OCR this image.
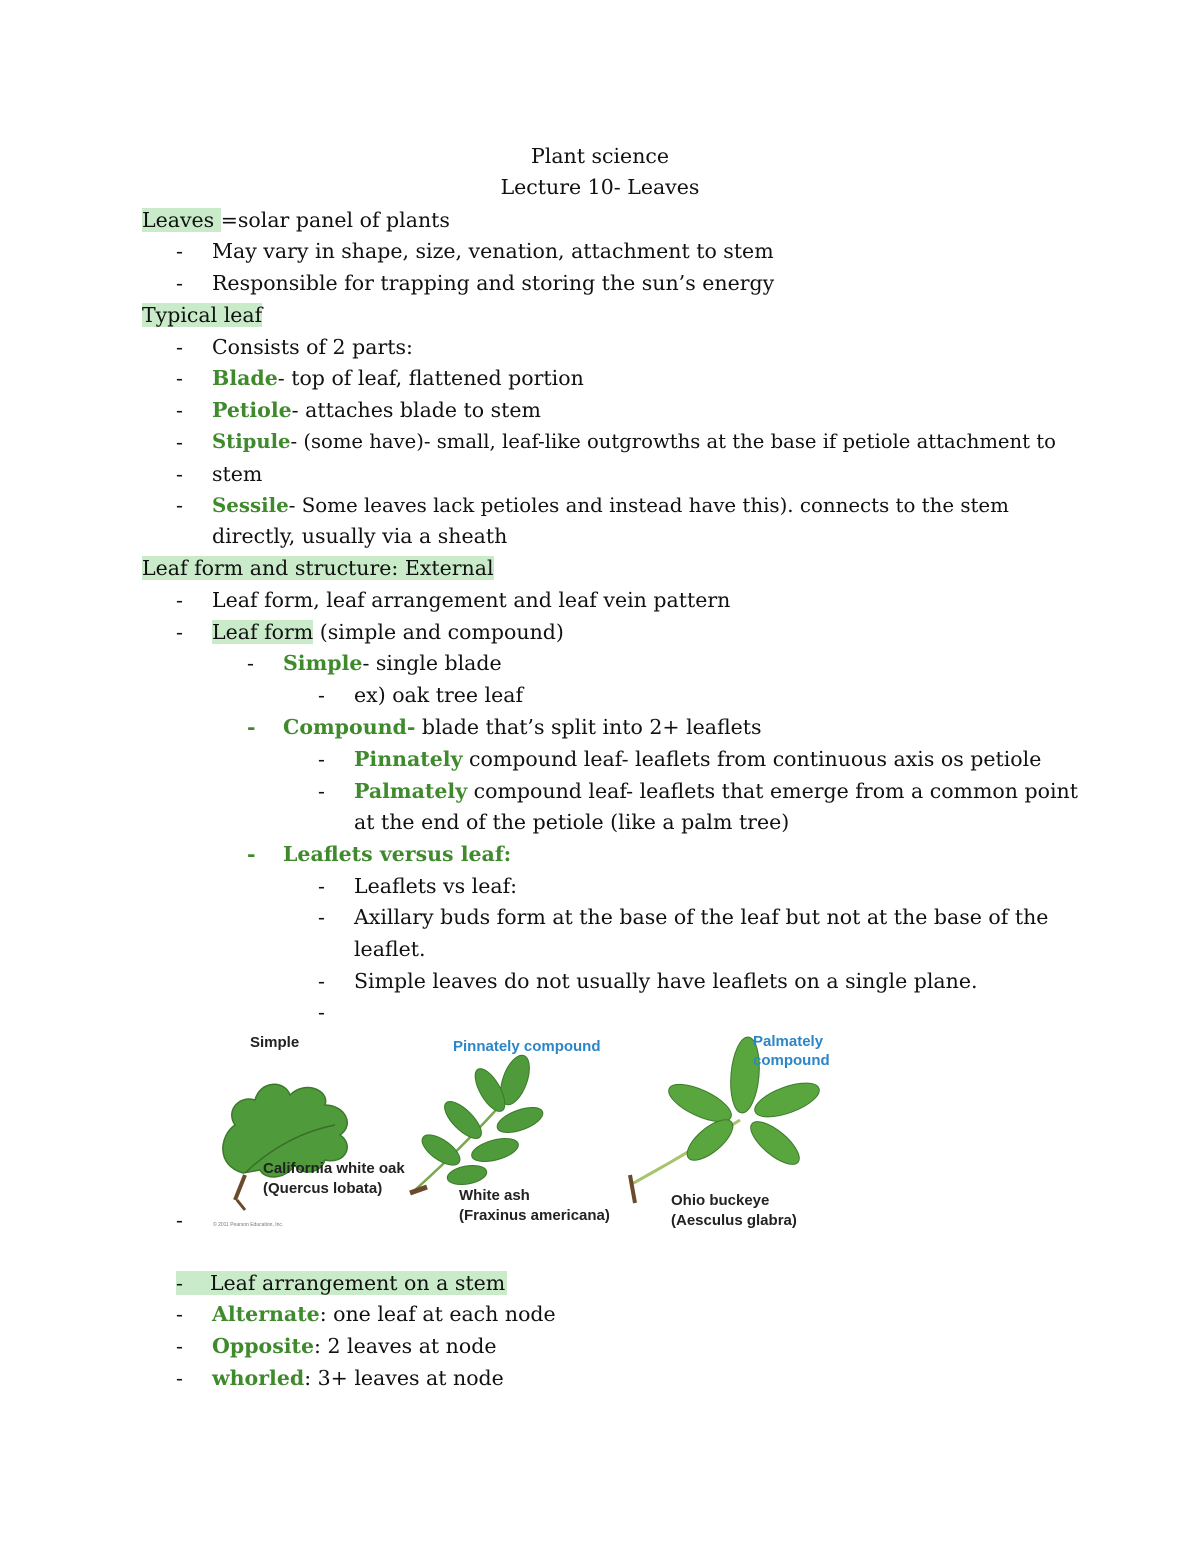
Plant science
Lecture 10- Leaves
Leaves =solar panel of plants
- May vary in shape, size, venation, attachment to stem
- Responsible for trapping and storing the sun’s energy
Typical leaf
- Consists of 2 parts:
- Blade- top of leaf, flattened portion
- Petiole- attaches blade to stem
- Stipule- (some have)- small, leaf-like outgrowths at the base if petiole attachment to
- stem
- Sessile- Some leaves lack petioles and instead have this). connects to the stem
directly, usually via a sheath
Leaf form and structure: External
- Leaf form, leaf arrangement and leaf vein pattern
- Leaf form (simple and compound)
- Simple- single blade
- ex) oak tree leaf
- Compound- blade that’s split into 2+ leaflets
- Pinnately compound leaf- leaflets from continuous axis os petiole
- Palmately compound leaf- leaflets that emerge from a common point
at the end of the petiole (like a palm tree)
- Leaflets versus leaf:
- Leaflets vs leaf:
- Axillary buds form at the base of the leaf but not at the base of the
leaflet.
- Simple leaves do not usually have leaflets on a single plane.
-
Simple	Pinnately compound	Palmately
compound
California white oak
(Quercus lobata)	White ash
(Fraxinus americana)
Ohio buckeye
(Aesculus glabra)
© 2011 Pearson Education, Inc.
-
- Leaf arrangement on a stem
- Alternate: one leaf at each node
- Opposite: 2 leaves at node
- whorled: 3+ leaves at node
